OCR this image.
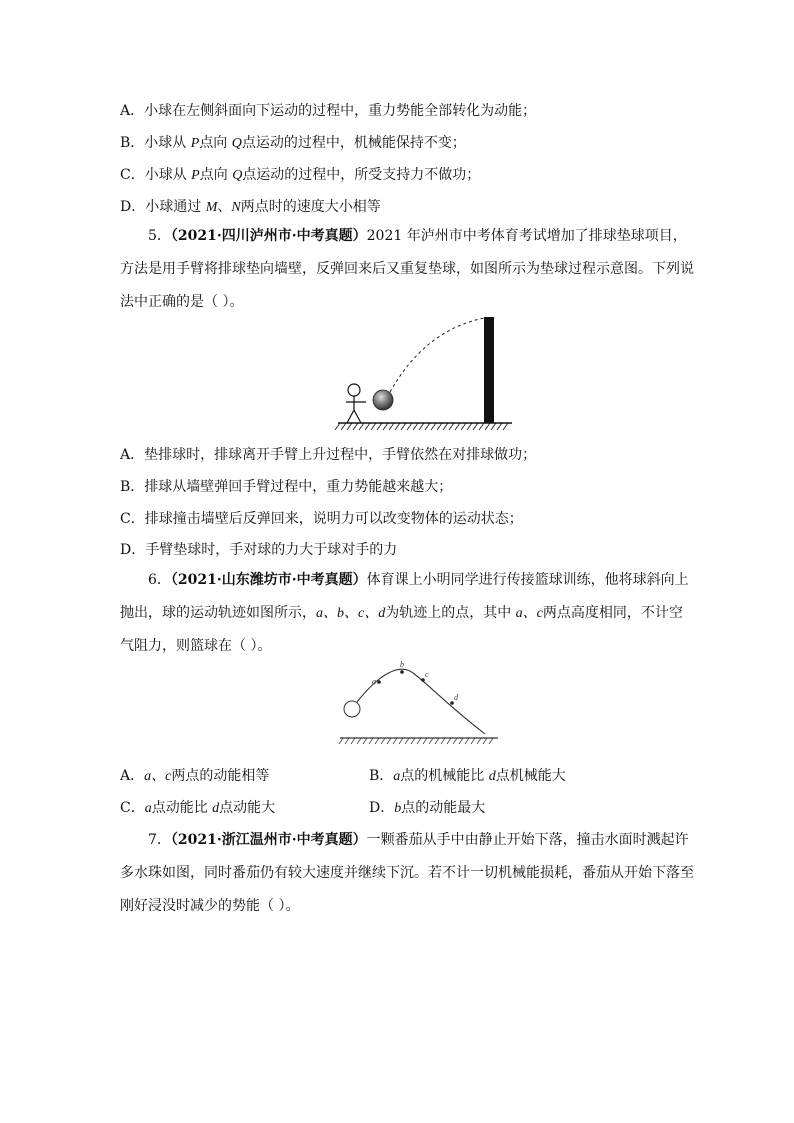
A．小球在左侧斜面向下运动的过程中，重力势能全部转化为动能；
B．小球从 P点向 Q点运动的过程中，机械能保持不变；
C．小球从 P点向 Q点运动的过程中，所受支持力不做功；
D．小球通过 M、N两点时的速度大小相等
5．（2021·四川泸州市·中考真题）2021 年泸州市中考体育考试增加了排球垫球项目，方法是用手臂将排球垫向墙壁，反弹回来后又重复垫球，如图所示为垫球过程示意图。下列说法中正确的是（ ）。
A．垫排球时，排球离开手臂上升过程中，手臂依然在对排球做功；
B．排球从墙壁弹回手臂过程中，重力势能越来越大；
C．排球撞击墙壁后反弹回来，说明力可以改变物体的运动状态；
D．手臂垫球时，手对球的力大于球对手的力
6．（2021·山东潍坊市·中考真题）体育课上小明同学进行传接篮球训练，他将球斜向上抛出，球的运动轨迹如图所示，a、b、c、d为轨迹上的点，其中 a、c两点高度相同，不计空气阻力，则篮球在（ ）。
a
b
c
d
A．a、c两点的动能相等	B．a点的机械能比 d点机械能大
C．a点动能比 d点动能大	D．b点的动能最大
7．（2021·浙江温州市·中考真题）一颗番茄从手中由静止开始下落，撞击水面时溅起许多水珠如图，同时番茄仍有较大速度并继续下沉。若不计一切机械能损耗，番茄从开始下落至刚好浸没时减少的势能（ ）。
